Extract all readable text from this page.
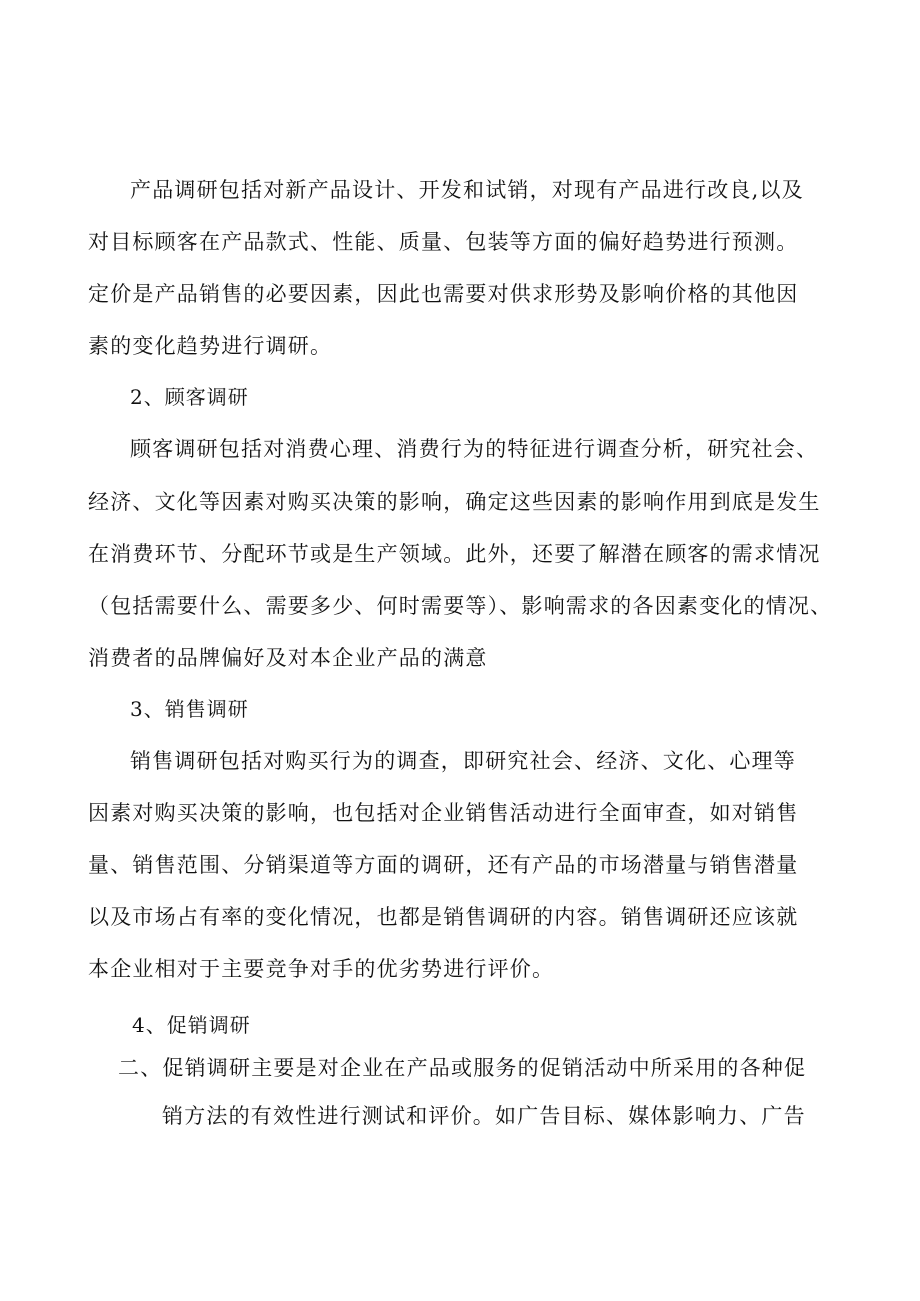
产品调研包括对新产品设计、开发和试销，对现有产品进行改良,以及
对目标顾客在产品款式、性能、质量、包装等方面的偏好趋势进行预测。
定价是产品销售的必要因素，因此也需要对供求形势及影响价格的其他因
素的变化趋势进行调研。
2、顾客调研
顾客调研包括对消费心理、消费行为的特征进行调查分析，研究社会、
经济、文化等因素对购买决策的影响，确定这些因素的影响作用到底是发生
在消费环节、分配环节或是生产领域。此外，还要了解潜在顾客的需求情况
（包括需要什么、需要多少、何时需要等）、影响需求的各因素变化的情况、
消费者的品牌偏好及对本企业产品的满意
3、销售调研
销售调研包括对购买行为的调查，即研究社会、经济、文化、心理等
因素对购买决策的影响，也包括对企业销售活动进行全面审查，如对销售
量、销售范围、分销渠道等方面的调研，还有产品的市场潜量与销售潜量
以及市场占有率的变化情况，也都是销售调研的内容。销售调研还应该就
本企业相对于主要竞争对手的优劣势进行评价。
4、促销调研
二、促销调研主要是对企业在产品或服务的促销活动中所采用的各种促
销方法的有效性进行测试和评价。如广告目标、媒体影响力、广告
